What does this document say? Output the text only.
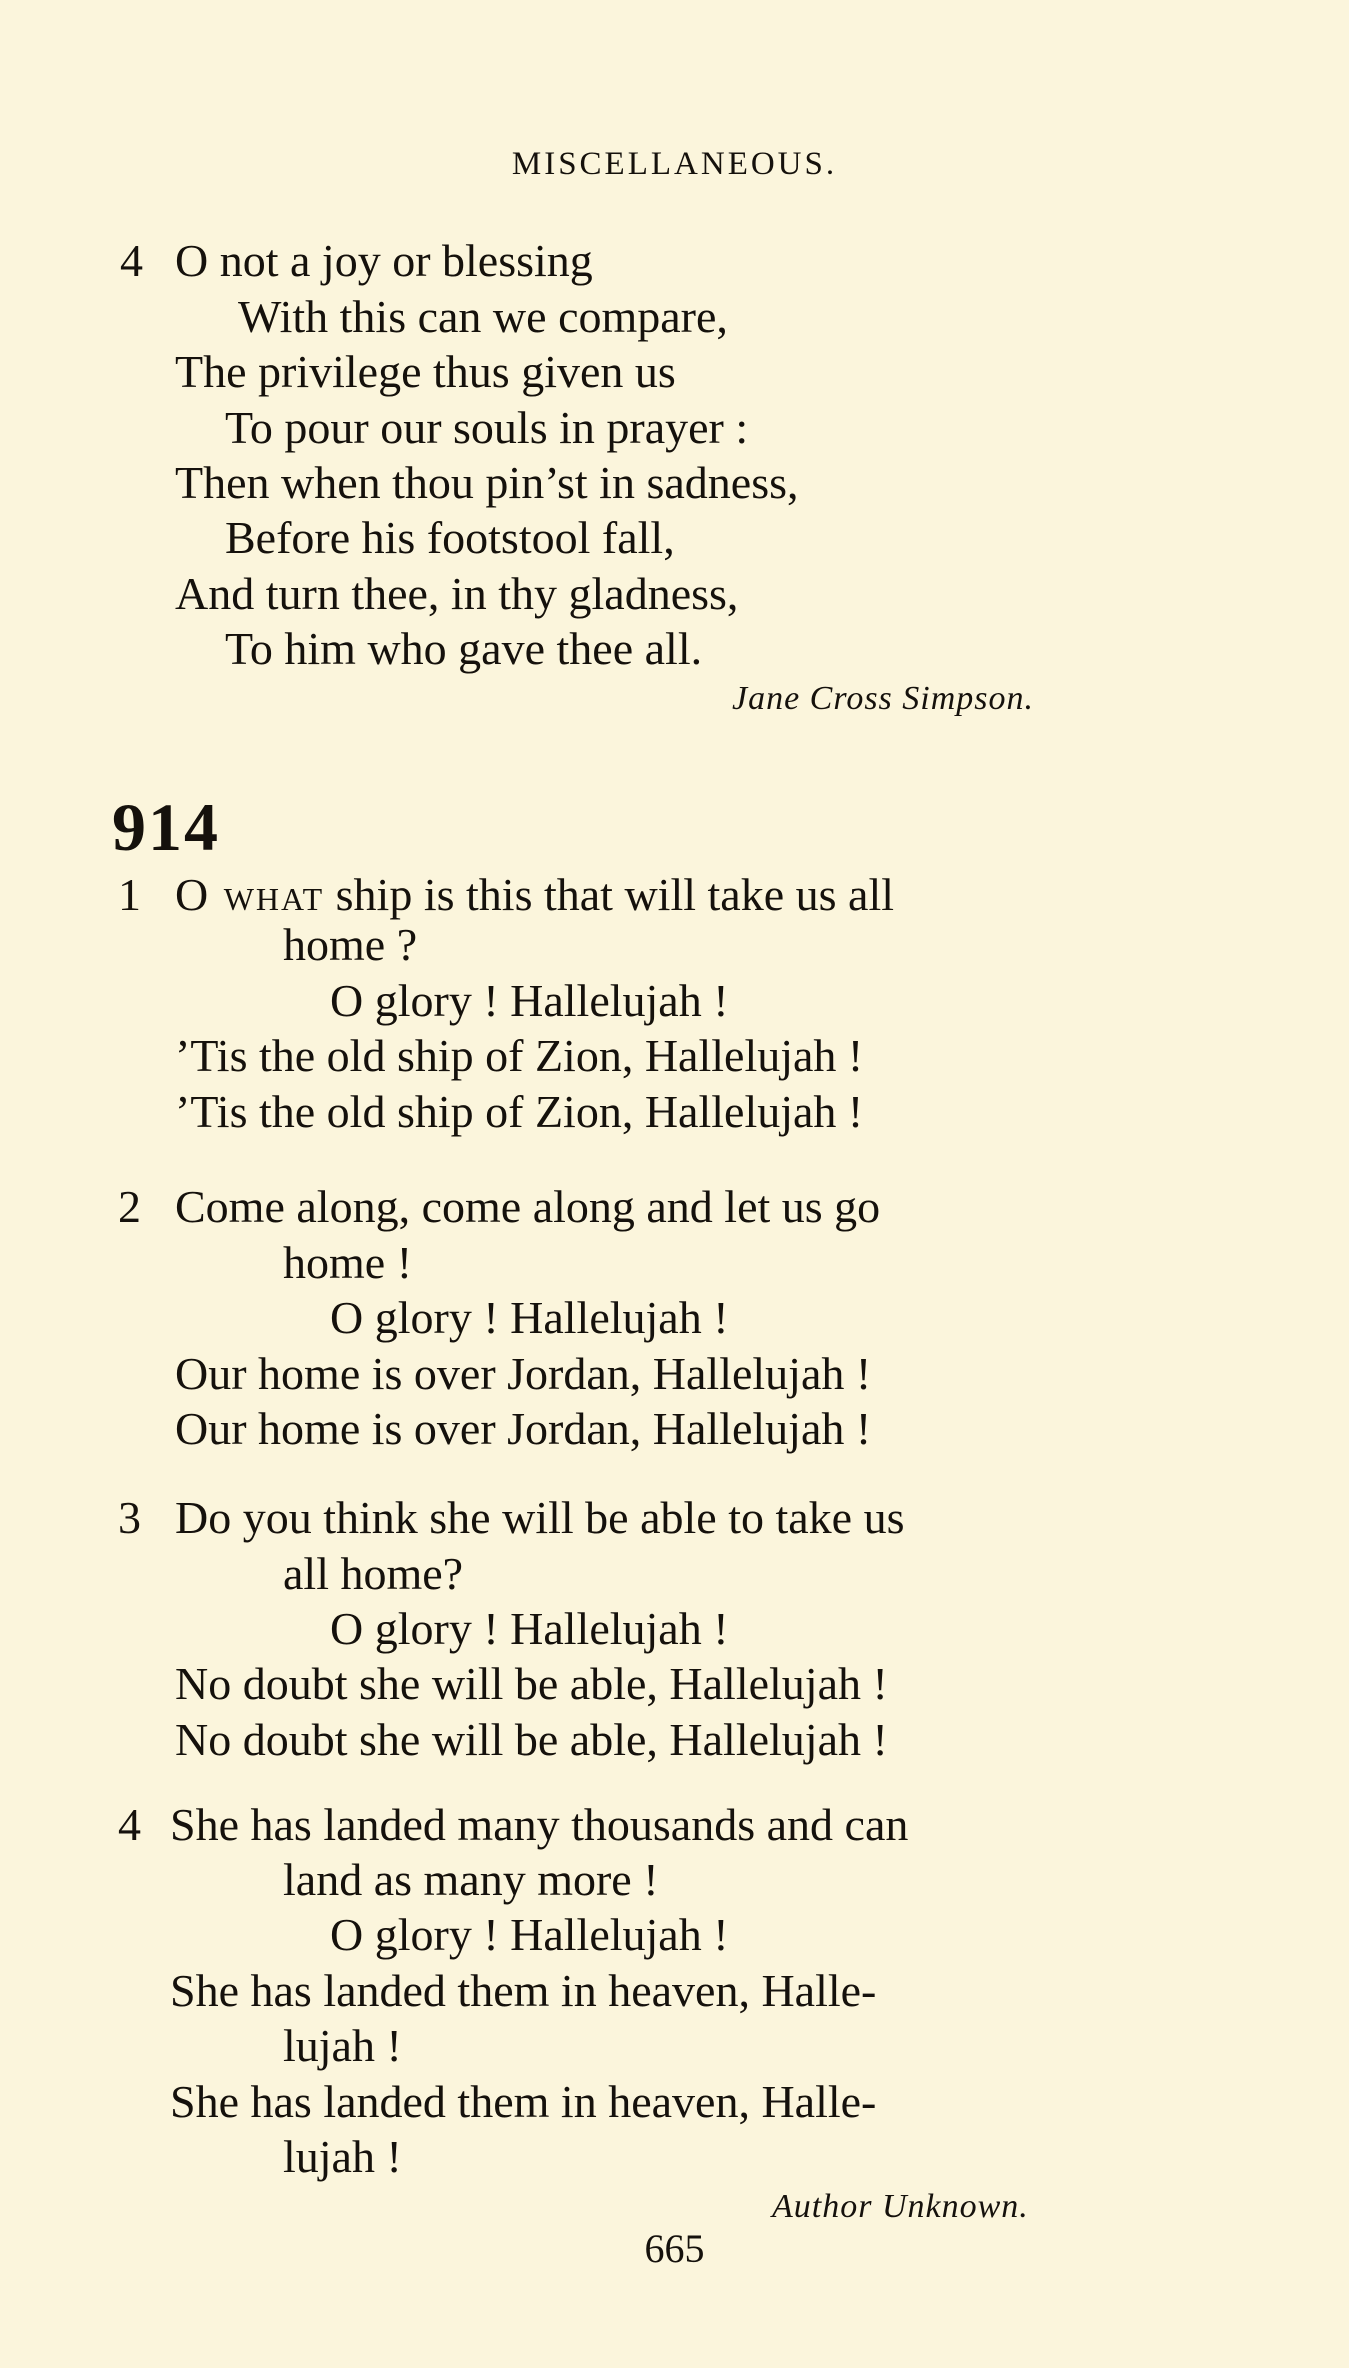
MISCELLANEOUS.
4 O not a joy or blessing
With this can we compare,
The privilege thus given us
To pour our souls in prayer :
Then when thou pin’st in sadness,
Before his footstool fall,
And turn thee, in thy gladness,
To him who gave thee all.
Jane Cross Simpson.
914
1 O what ship is this that will take us all
home ?
O glory ! Hallelujah !
’Tis the old ship of Zion, Hallelujah !
’Tis the old ship of Zion, Hallelujah !
2 Come along, come along and let us go
home !
O glory ! Hallelujah !
Our home is over Jordan, Hallelujah !
Our home is over Jordan, Hallelujah !
3 Do you think she will be able to take us
all home?
O glory ! Hallelujah !
No doubt she will be able, Hallelujah !
No doubt she will be able, Hallelujah !
4 She has landed many thousands and can
land as many more !
O glory ! Hallelujah !
She has landed them in heaven, Halle-
lujah !
She has landed them in heaven, Halle-
lujah !
Author Unknown.
665
